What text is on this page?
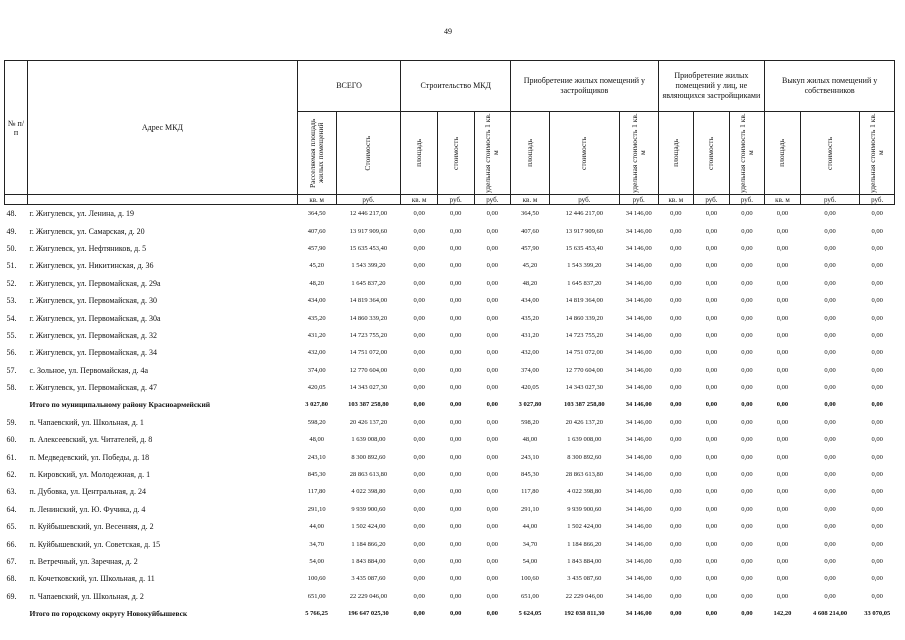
49
№ п/п	Адрес МКД	ВСЕГО		Строительство МКД			Приобретение жилых помещений у застройщиков			Приобретение жилых помещений у лиц, не являющихся застройщиками			Выкуп жилых помещений у собственников		

		Расселяемая площадь жилых помещений	Стоимость	площадь	стоимость	удельная стоимость 1 кв. м	площадь	стоимость	удельная стоимость 1 кв. м	площадь	стоимость	удельная стоимость 1 кв. м	площадь	стоимость	удельная стоимость 1 кв. м

		кв. м	руб.	кв. м	руб.	руб.	кв. м	руб.	руб.	кв. м	руб.	руб.	кв. м	руб.	руб.
48.	г. Жигулевск, ул. Ленина, д. 19	364,50	12 446 217,00	0,00	0,00	0,00	364,50	12 446 217,00	34 146,00	0,00	0,00	0,00	0,00	0,00	0,00
49.	г. Жигулевск, ул. Самарская, д. 20	407,60	13 917 909,60	0,00	0,00	0,00	407,60	13 917 909,60	34 146,00	0,00	0,00	0,00	0,00	0,00	0,00
50.	г. Жигулевск, ул. Нефтяников, д. 5	457,90	15 635 453,40	0,00	0,00	0,00	457,90	15 635 453,40	34 146,00	0,00	0,00	0,00	0,00	0,00	0,00
51.	г. Жигулевск, ул. Никитинская, д. 36	45,20	1 543 399,20	0,00	0,00	0,00	45,20	1 543 399,20	34 146,00	0,00	0,00	0,00	0,00	0,00	0,00
52.	г. Жигулевск, ул. Первомайская, д. 29а	48,20	1 645 837,20	0,00	0,00	0,00	48,20	1 645 837,20	34 146,00	0,00	0,00	0,00	0,00	0,00	0,00
53.	г. Жигулевск, ул. Первомайская, д. 30	434,00	14 819 364,00	0,00	0,00	0,00	434,00	14 819 364,00	34 146,00	0,00	0,00	0,00	0,00	0,00	0,00
54.	г. Жигулевск, ул. Первомайская, д. 30а	435,20	14 860 339,20	0,00	0,00	0,00	435,20	14 860 339,20	34 146,00	0,00	0,00	0,00	0,00	0,00	0,00
55.	г. Жигулевск, ул. Первомайская, д. 32	431,20	14 723 755,20	0,00	0,00	0,00	431,20	14 723 755,20	34 146,00	0,00	0,00	0,00	0,00	0,00	0,00
56.	г. Жигулевск, ул. Первомайская, д. 34	432,00	14 751 072,00	0,00	0,00	0,00	432,00	14 751 072,00	34 146,00	0,00	0,00	0,00	0,00	0,00	0,00
57.	с. Зольное, ул. Первомайская, д. 4а	374,00	12 770 604,00	0,00	0,00	0,00	374,00	12 770 604,00	34 146,00	0,00	0,00	0,00	0,00	0,00	0,00
58.	г. Жигулевск, ул. Первомайская, д. 47	420,05	14 343 027,30	0,00	0,00	0,00	420,05	14 343 027,30	34 146,00	0,00	0,00	0,00	0,00	0,00	0,00
	Итого по муниципальному району Красноармейский	3 027,80	103 387 258,80	0,00	0,00	0,00	3 027,80	103 387 258,80	34 146,00	0,00	0,00	0,00	0,00	0,00	0,00
59.	п. Чапаевский, ул. Школьная, д. 1	598,20	20 426 137,20	0,00	0,00	0,00	598,20	20 426 137,20	34 146,00	0,00	0,00	0,00	0,00	0,00	0,00
60.	п. Алексеевский, ул. Читателей, д. 8	48,00	1 639 008,00	0,00	0,00	0,00	48,00	1 639 008,00	34 146,00	0,00	0,00	0,00	0,00	0,00	0,00
61.	п. Медведевский, ул. Победы, д. 18	243,10	8 300 892,60	0,00	0,00	0,00	243,10	8 300 892,60	34 146,00	0,00	0,00	0,00	0,00	0,00	0,00
62.	п. Кировский, ул. Молодежная, д. 1	845,30	28 863 613,80	0,00	0,00	0,00	845,30	28 863 613,80	34 146,00	0,00	0,00	0,00	0,00	0,00	0,00
63.	п. Дубовка, ул. Центральная, д. 24	117,80	4 022 398,80	0,00	0,00	0,00	117,80	4 022 398,80	34 146,00	0,00	0,00	0,00	0,00	0,00	0,00
64.	п. Ленинский, ул. Ю. Фучика, д. 4	291,10	9 939 900,60	0,00	0,00	0,00	291,10	9 939 900,60	34 146,00	0,00	0,00	0,00	0,00	0,00	0,00
65.	п. Куйбышевский, ул. Весенняя, д. 2	44,00	1 502 424,00	0,00	0,00	0,00	44,00	1 502 424,00	34 146,00	0,00	0,00	0,00	0,00	0,00	0,00
66.	п. Куйбышевский, ул. Советская, д. 15	34,70	1 184 866,20	0,00	0,00	0,00	34,70	1 184 866,20	34 146,00	0,00	0,00	0,00	0,00	0,00	0,00
67.	п. Ветречный, ул. Заречная, д. 2	54,00	1 843 884,00	0,00	0,00	0,00	54,00	1 843 884,00	34 146,00	0,00	0,00	0,00	0,00	0,00	0,00
68.	п. Кочетковский, ул. Школьная, д. 11	100,60	3 435 087,60	0,00	0,00	0,00	100,60	3 435 087,60	34 146,00	0,00	0,00	0,00	0,00	0,00	0,00
69.	п. Чапаевский, ул. Школьная, д. 2	651,00	22 229 046,00	0,00	0,00	0,00	651,00	22 229 046,00	34 146,00	0,00	0,00	0,00	0,00	0,00	0,00
	Итого по городскому округу Новокуйбышевск	5 766,25	196 647 025,30	0,00	0,00	0,00	5 624,05	192 038 811,30	34 146,00	0,00	0,00	0,00	142,20	4 608 214,00	33 070,05
